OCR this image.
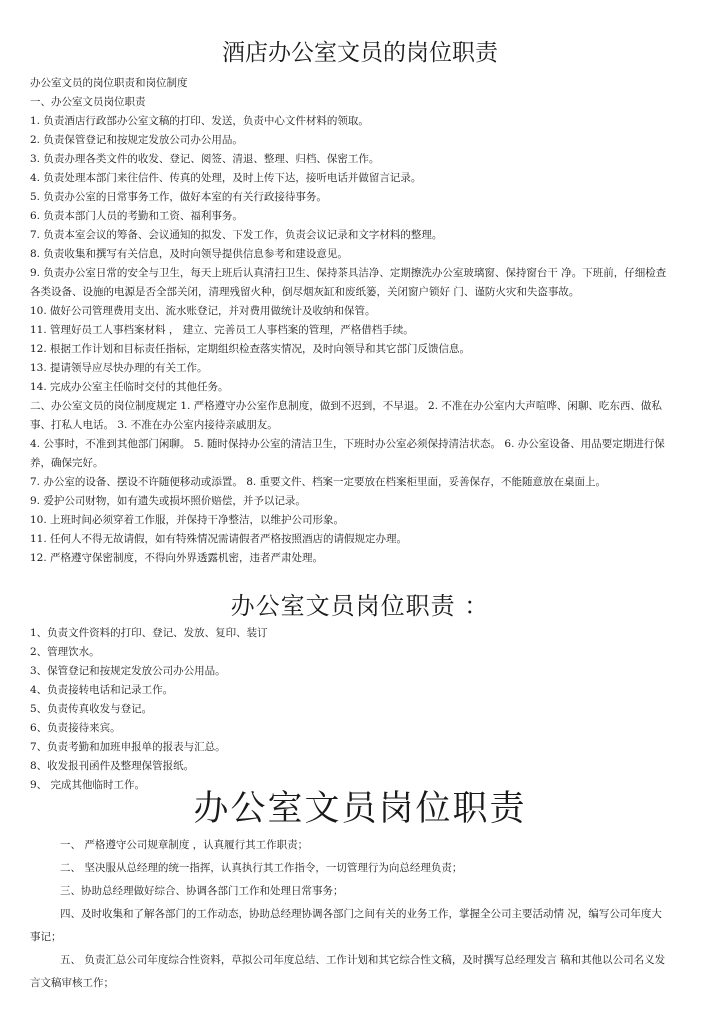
酒店办公室文员的岗位职责
办公室文员的岗位职责和岗位制度
一、办公室文员岗位职责
1. 负责酒店行政部办公室文稿的打印、发送，负责中心文件材料的领取。
2. 负责保管登记和按规定发放公司办公用品。
3. 负责办理各类文件的收发、登记、阅签、清退、整理、归档、保密工作。
4. 负责处理本部门来往信件、传真的处理，及时上传下达，接听电话并做留言记录。
5. 负责办公室的日常事务工作，做好本室的有关行政接待事务。
6. 负责本部门人员的考勤和工资、福利事务。
7. 负责本室会议的筹备、会议通知的拟发、下发工作，负责会议记录和文字材料的整理。
8. 负责收集和撰写有关信息，及时向领导提供信息参考和建设意见。
9. 负责办公室日常的安全与卫生，每天上班后认真清扫卫生、保持茶具洁净、定期擦洗办公室玻璃窗、保持窗台干 净。下班前，仔细检查各类设备、设施的电源是否全部关闭，清理残留火种，倒尽烟灰缸和废纸篓，关闭窗户锁好 门、谨防火灾和失盗事故。
10. 做好公司管理费用支出、流水账登记，并对费用做统计及收纳和保管。
11. 管理好员工人事档案材料 ， 建立、完善员工人事档案的管理，严格借档手续。
12. 根据工作计划和目标责任指标，定期组织检查落实情况，及时向领导和其它部门反馈信息。
13. 提请领导应尽快办理的有关工作。
14. 完成办公室主任临时交付的其他任务。
二、办公室文员的岗位制度规定 1. 严格遵守办公室作息制度，做到不迟到，不早退。 2. 不准在办公室内大声喧哗、闲聊、吃东西、做私事、打私人电话。 3. 不准在办公室内接待亲戚朋友。
4. 公事时，不准到其他部门闲聊。 5. 随时保持办公室的清洁卫生，下班时办公室必须保持清洁状态。 6. 办公室设备、用品要定期进行保养，确保完好。
7. 办公室的设备、摆设不许随便移动或添置。 8. 重要文件、档案一定要放在档案柜里面，妥善保存，不能随意放在桌面上。
9. 爱护公司财物，如有遗失或损坏照价赔偿，并予以记录。
10. 上班时间必须穿着工作服，并保持干净整洁，以维护公司形象。
11. 任何人不得无故请假，如有特殊情况需请假者严格按照酒店的请假规定办理。
12. 严格遵守保密制度，不得向外界透露机密，违者严肃处理。
办公室文员岗位职责 ：
1、负责文件资料的打印、登记、发放、复印、装订
2、管理饮水。
3、保管登记和按规定发放公司办公用品。
4、负责接转电话和记录工作。
5、负责传真收发与登记。
6、负责接待来宾。
7、负责考勤和加班申报单的报表与汇总。
8、收发报刊函件及整理保管报纸。
9、 完成其他临时工作。
办公室文员岗位职责
一、 严格遵守公司规章制度 ，认真履行其工作职责；
二、 坚决服从总经理的统一指挥，认真执行其工作指令，一切管理行为向总经理负责；
三、协助总经理做好综合、协调各部门工作和处理日常事务；
四、及时收集和了解各部门的工作动态，协助总经理协调各部门之间有关的业务工作，掌握全公司主要活动情 况，编写公司年度大事记；
五、 负责汇总公司年度综合性资料，草拟公司年度总结、工作计划和其它综合性文稿，及时撰写总经理发言 稿和其他以公司名义发言文稿审核工作；
